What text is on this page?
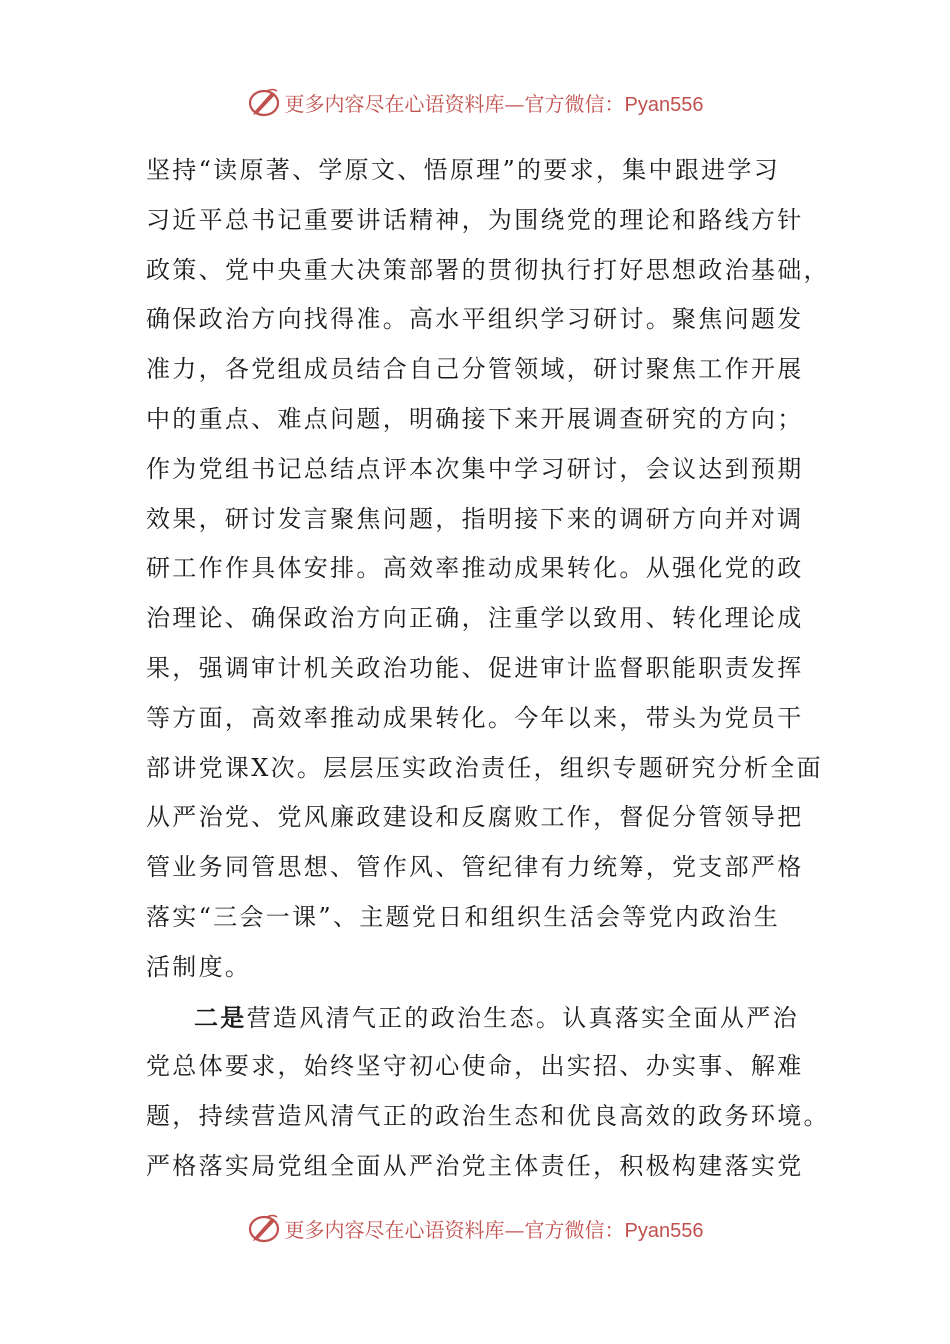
更多内容尽在心语资料库—官方微信：Pyan556
坚持“读原著、学原文、悟原理”的要求，集中跟进学习
习近平总书记重要讲话精神，为围绕党的理论和路线方针
政策、党中央重大决策部署的贯彻执行打好思想政治基础，
确保政治方向找得准。高水平组织学习研讨。聚焦问题发
准力，各党组成员结合自己分管领域，研讨聚焦工作开展
中的重点、难点问题，明确接下来开展调查研究的方向；
作为党组书记总结点评本次集中学习研讨，会议达到预期
效果，研讨发言聚焦问题，指明接下来的调研方向并对调
研工作作具体安排。高效率推动成果转化。从强化党的政
治理论、确保政治方向正确，注重学以致用、转化理论成
果，强调审计机关政治功能、促进审计监督职能职责发挥
等方面，高效率推动成果转化。今年以来，带头为党员干
部讲党课X次。层层压实政治责任，组织专题研究分析全面
从严治党、党风廉政建设和反腐败工作，督促分管领导把
管业务同管思想、管作风、管纪律有力统筹，党支部严格
落实“三会一课”、主题党日和组织生活会等党内政治生
活制度。
二是营造风清气正的政治生态。认真落实全面从严治
党总体要求，始终坚守初心使命，出实招、办实事、解难
题，持续营造风清气正的政治生态和优良高效的政务环境。
严格落实局党组全面从严治党主体责任，积极构建落实党
更多内容尽在心语资料库—官方微信：Pyan556
